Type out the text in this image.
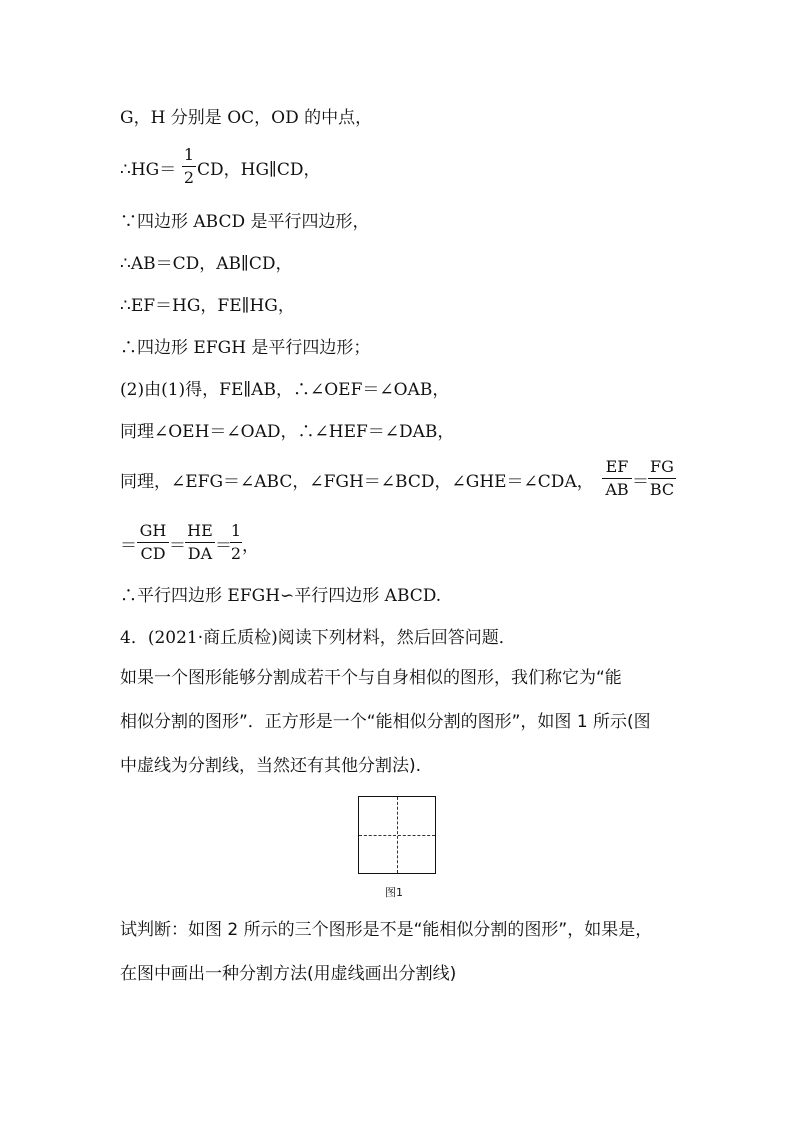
G，H 分别是 OC，OD 的中点，
∴HG＝
1
2 CD，HG∥CD，
∵四边形 ABCD 是平行四边形，
∴AB＝CD，AB∥CD，
∴EF＝HG，FE∥HG，
∴四边形 EFGH 是平行四边形；
(2)由(1)得，FE∥AB，∴∠OEF＝∠OAB，
同理∠OEH＝∠OAD，∴∠HEF＝∠DAB，
同理，∠EFG＝∠ABC，∠FGH＝∠BCD，∠GHE＝∠CDA，
EF
AB ＝
FG
BC
＝
GH
CD ＝
HE
DA ＝
1
2 ，
∴平行四边形 EFGH∽平行四边形 ABCD.
4．(2021·商丘质检)阅读下列材料，然后回答问题．
如果一个图形能够分割成若干个与自身相似的图形，我们称它为“能
相似分割的图形”．正方形是一个“能相似分割的图形”，如图 1 所示(图
中虚线为分割线，当然还有其他分割法).
图1
试判断：如图 2 所示的三个图形是不是“能相似分割的图形”，如果是，
在图中画出一种分割方法(用虚线画出分割线)
